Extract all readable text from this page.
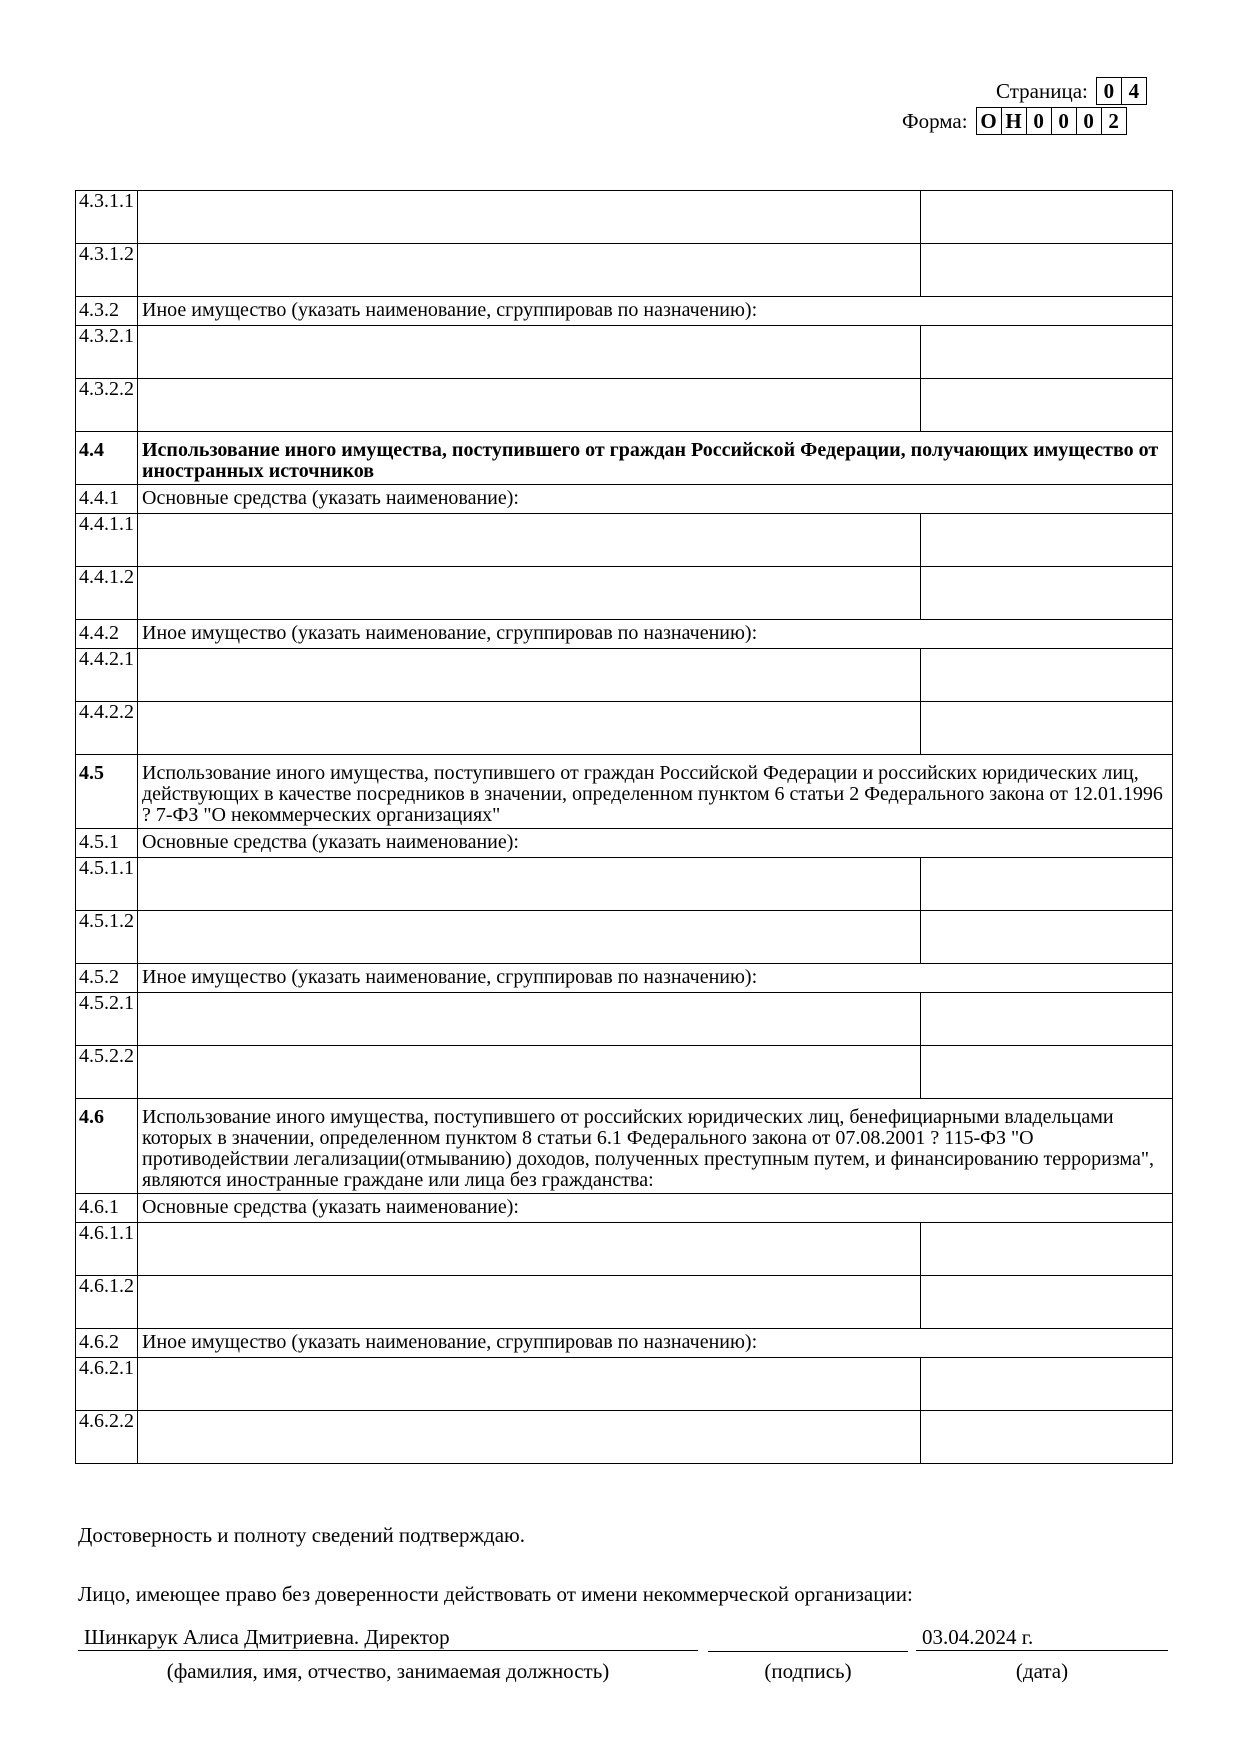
Страница: 0 4
Форма: О Н 0 0 0 2
4.3.1.1		
4.3.1.2		
4.3.2	Иное имущество (указать наименование, сгруппировав по назначению):	
4.3.2.1		
4.3.2.2		
4.4	Использование иного имущества, поступившего от граждан Российской Федерации, получающих имущество от иностранных источников	
4.4.1	Основные средства (указать наименование):	
4.4.1.1		
4.4.1.2		
4.4.2	Иное имущество (указать наименование, сгруппировав по назначению):	
4.4.2.1		
4.4.2.2		
4.5	Использование иного имущества, поступившего от граждан Российской Федерации и российских юридических лиц, действующих в качестве посредников в значении, определенном пунктом 6 статьи 2 Федерального закона от 12.01.1996 ? 7-ФЗ "О некоммерческих организациях"	
4.5.1	Основные средства (указать наименование):	
4.5.1.1		
4.5.1.2		
4.5.2	Иное имущество (указать наименование, сгруппировав по назначению):	
4.5.2.1		
4.5.2.2		
4.6	Использование иного имущества, поступившего от российских юридических лиц, бенефициарными владельцами которых в значении, определенном пунктом 8 статьи 6.1 Федерального закона от 07.08.2001 ? 115-ФЗ "О противодействии легализации(отмыванию) доходов, полученных преступным путем, и финансированию терроризма", являются иностранные граждане или лица без гражданства:	
4.6.1	Основные средства (указать наименование):	
4.6.1.1		
4.6.1.2		
4.6.2	Иное имущество (указать наименование, сгруппировав по назначению):	
4.6.2.1		
4.6.2.2		
Достоверность и полноту сведений подтверждаю.
Лицо, имеющее право без доверенности действовать от имени некоммерческой организации:
Шинкарук Алиса Дмитриевна. Директор	03.04.2024 г.
(фамилия, имя, отчество, занимаемая должность)	(подпись)	(дата)
